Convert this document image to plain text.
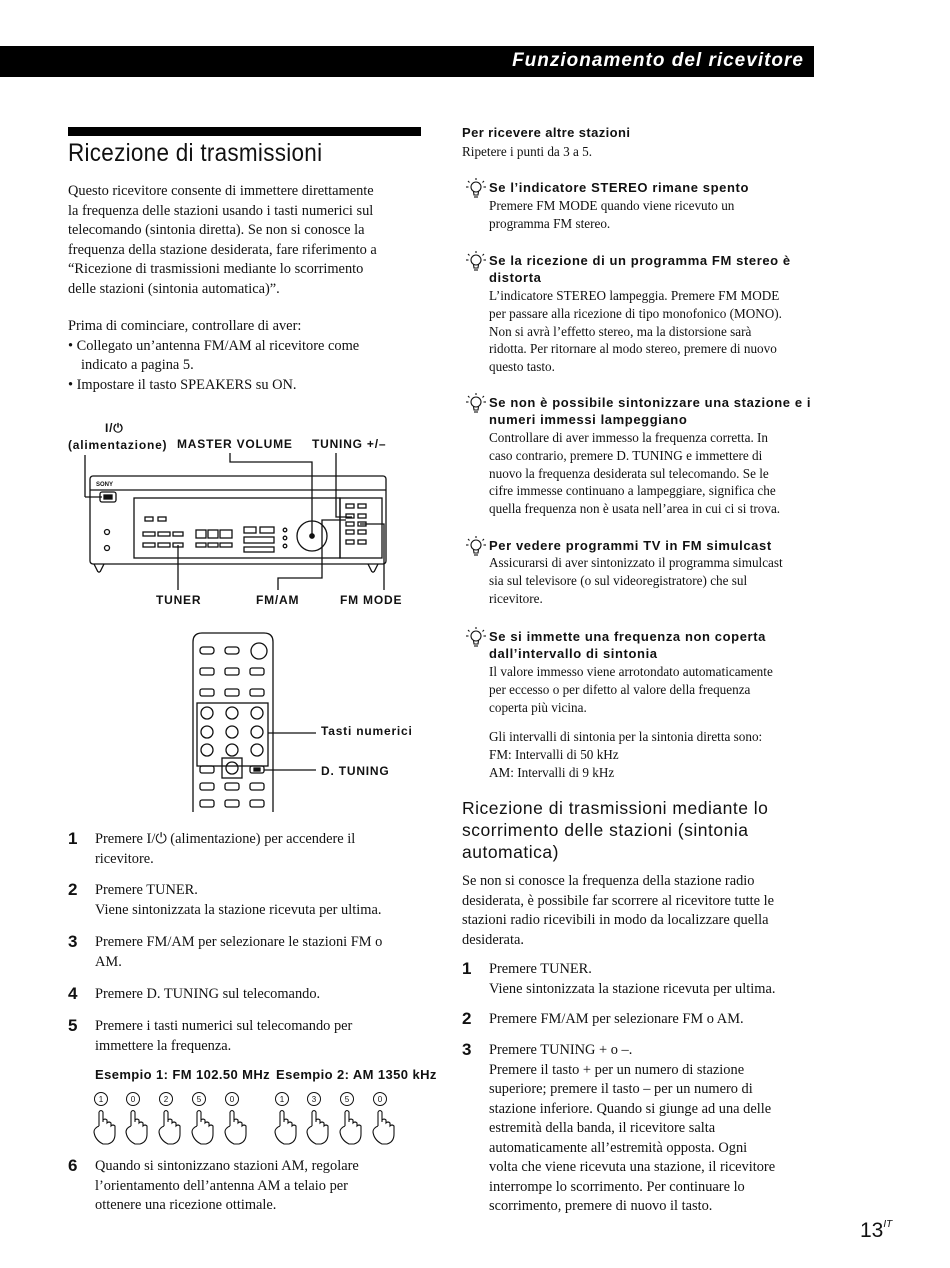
Funzionamento del ricevitore
Ricezione di trasmissioni
Questo ricevitore consente di immettere direttamente
la frequenza delle stazioni usando i tasti numerici sul
telecomando (sintonia diretta). Se non si conosce la
frequenza della stazione desiderata, fare riferimento a
“Ricezione di trasmissioni mediante lo scorrimento
delle stazioni (sintonia automatica)”.
Prima di cominciare, controllare di aver:
• Collegato un’antenna FM/AM al ricevitore come
indicato a pagina 5.
• Impostare il tasto SPEAKERS su ON.
I/⏻
(alimentazione) MASTER VOLUME TUNING +/–
TUNER	FM/AM	FM MODE
Tasti numerici
D. TUNING
SONY
1	0	2	5	0	1	3	5	0
1 Premere I/⏻ (alimentazione) per accendere il
ricevitore.
2 Premere TUNER.
Viene sintonizzata la stazione ricevuta per ultima.
3 Premere FM/AM per selezionare le stazioni FM o
AM.
4 Premere D. TUNING sul telecomando.
5 Premere i tasti numerici sul telecomando per
immettere la frequenza.
Esempio 1: FM 102.50 MHz Esempio 2: AM 1350 kHz
6 Quando si sintonizzano stazioni AM, regolare
l’orientamento dell’antenna AM a telaio per
ottenere una ricezione ottimale.
Per ricevere altre stazioni
Ripetere i punti da 3 a 5.
Se l’indicatore STEREO rimane spento
Premere FM MODE quando viene ricevuto un
programma FM stereo.
Se la ricezione di un programma FM stereo è
distorta
L’indicatore STEREO lampeggia. Premere FM MODE
per passare alla ricezione di tipo monofonico (MONO).
Non si avrà l’effetto stereo, ma la distorsione sarà
ridotta. Per ritornare al modo stereo, premere di nuovo
questo tasto.
Se non è possibile sintonizzare una stazione e i
numeri immessi lampeggiano
Controllare di aver immesso la frequenza corretta. In
caso contrario, premere D. TUNING e immettere di
nuovo la frequenza desiderata sul telecomando. Se le
cifre immesse continuano a lampeggiare, significa che
quella frequenza non è usata nell’area in cui ci si trova.
Per vedere programmi TV in FM simulcast
Assicurarsi di aver sintonizzato il programma simulcast
sia sul televisore (o sul videoregistratore) che sul
ricevitore.
Se si immette una frequenza non coperta
dall’intervallo di sintonia
Il valore immesso viene arrotondato automaticamente
per eccesso o per difetto al valore della frequenza
coperta più vicina.
Gli intervalli di sintonia per la sintonia diretta sono:
FM: Intervalli di 50 kHz
AM: Intervalli di 9 kHz
Ricezione di trasmissioni mediante lo
scorrimento delle stazioni (sintonia
automatica)
Se non si conosce la frequenza della stazione radio
desiderata, è possibile far scorrere al ricevitore tutte le
stazioni radio ricevibili in modo da localizzare quella
desiderata.
1 Premere TUNER.
Viene sintonizzata la stazione ricevuta per ultima.
2 Premere FM/AM per selezionare FM o AM.
3 Premere TUNING + o –.
Premere il tasto + per un numero di stazione
superiore; premere il tasto – per un numero di
stazione inferiore. Quando si giunge ad una delle
estremità della banda, il ricevitore salta
automaticamente all’estremità opposta. Ogni
volta che viene ricevuta una stazione, il ricevitore
interrompe lo scorrimento. Per continuare lo
scorrimento, premere di nuovo il tasto.
$13^{IT}$
